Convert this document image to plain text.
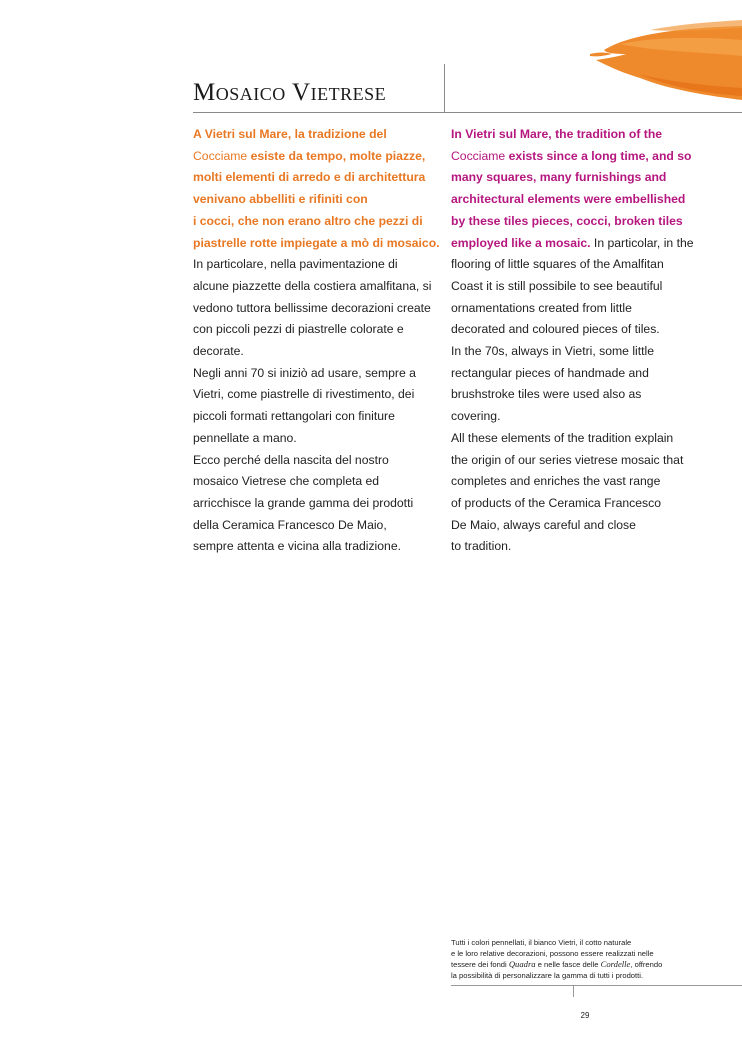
Mosaico Vietrese

A Vietri sul Mare, la tradizione del
Cocciame esiste da tempo, molte piazze,
molti elementi di arredo e di architettura
venivano abbelliti e rifiniti con
i cocci, che non erano altro che pezzi di
piastrelle rotte impiegate a mò di mosaico.

In particolare, nella pavimentazione di
alcune piazzette della costiera amalfitana, si
vedono tuttora bellissime decorazioni create
con piccoli pezzi di piastrelle colorate e
decorate.
Negli anni 70 si iniziò ad usare, sempre a
Vietri, come piastrelle di rivestimento, dei
piccoli formati rettangolari con finiture
pennellate a mano.
Ecco perché della nascita del nostro
mosaico Vietrese che completa ed
arricchisce la grande gamma dei prodotti
della Ceramica Francesco De Maio,
sempre attenta e vicina alla tradizione.

In Vietri sul Mare, the tradition of the
Cocciame exists since a long time, and so
many squares, many furnishings and
architectural elements were embellished
by these tiles pieces, cocci, broken tiles
employed like a mosaic. In particolar, in the
flooring of little squares of the Amalfitan
Coast it is still possibile to see beautiful
ornamentations created from little
decorated and coloured pieces of tiles.
In the 70s, always in Vietri, some little
rectangular pieces of handmade and
brushstroke tiles were used also as
covering.
All these elements of the tradition explain
the origin of our series vietrese mosaic that
completes and enriches the vast range
of products of the Ceramica Francesco
De Maio, always careful and close
to tradition.

Tutti i colori pennellati, il bianco Vietri, il cotto naturale
e le loro relative decorazioni, possono essere realizzati nelle
tessere dei fondi Quadra e nelle fasce delle Cordelle, offrendo
la possibilità di personalizzare la gamma di tutti i prodotti.

29
